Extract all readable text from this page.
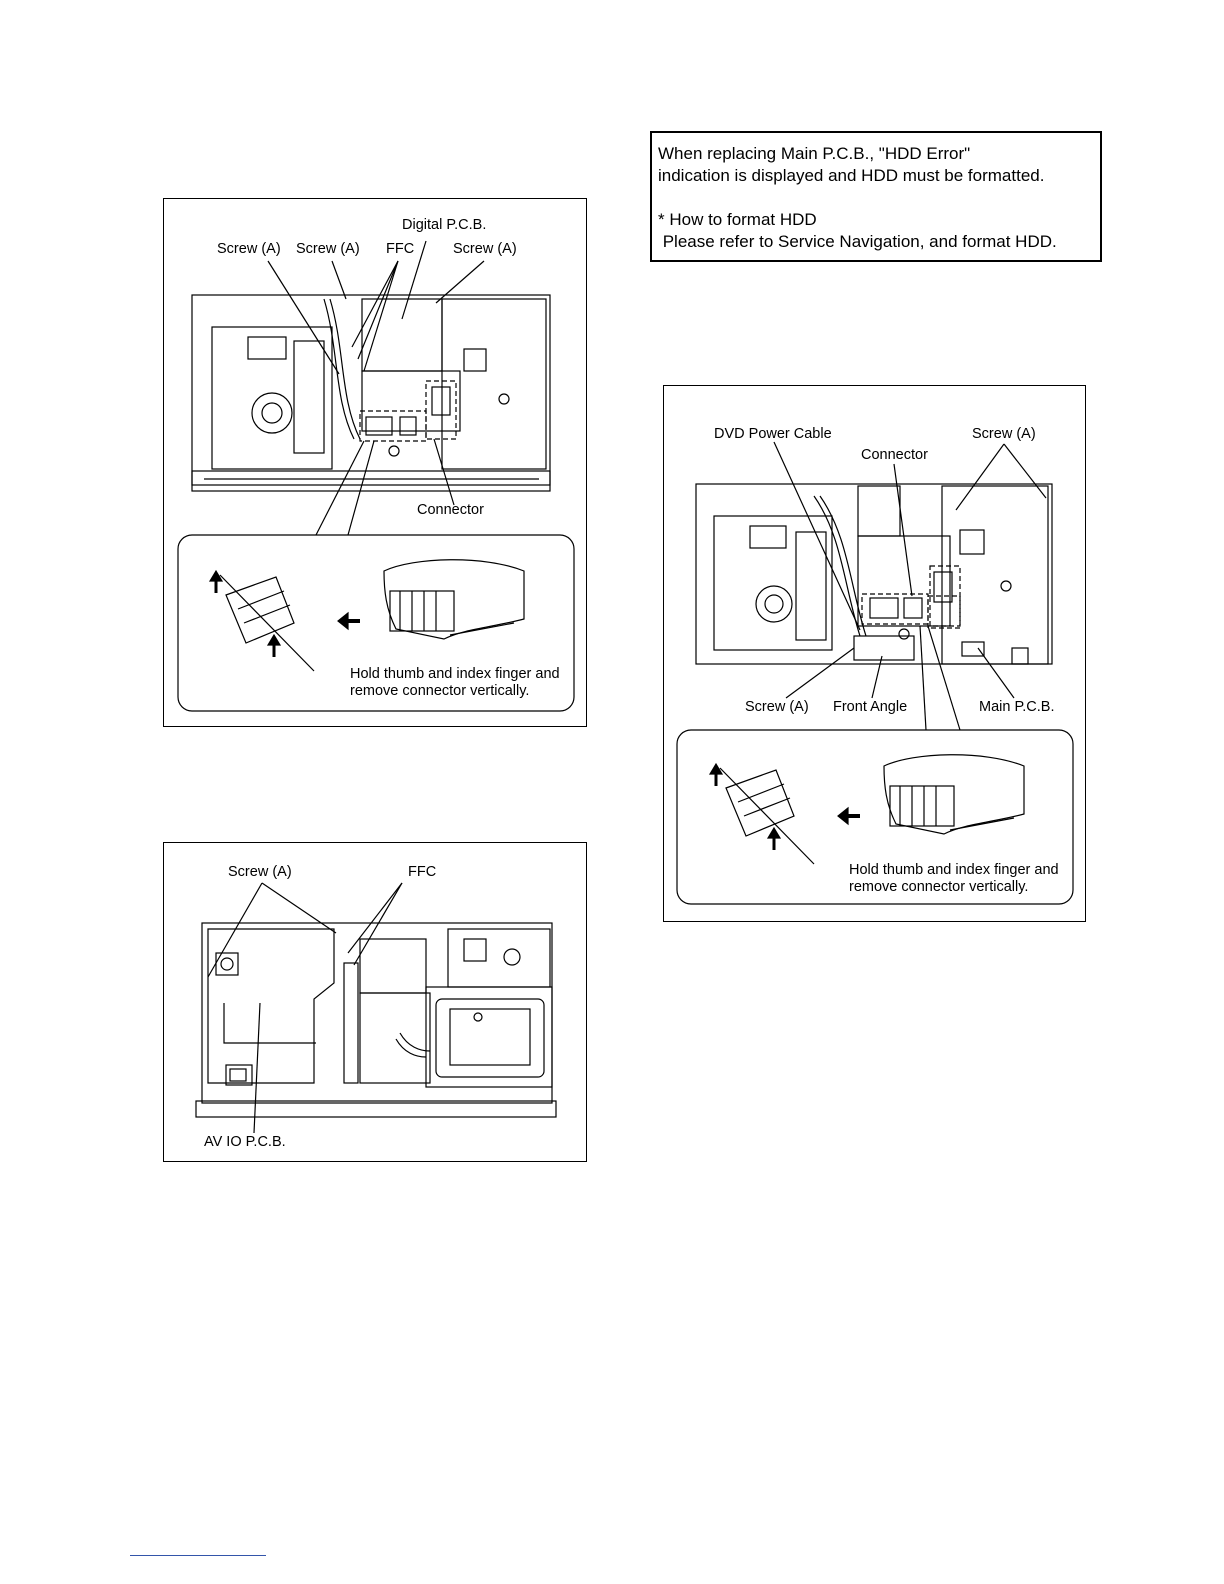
When replacing Main P.C.B., "HDD Error"
indication is displayed and HDD must be formatted.
* How to format HDD
Please refer to Service Navigation, and format HDD.
Digital P.C.B.
Screw (A) Screw (A) FFC	Screw (A)
Connector
Hold thumb and index finger and
remove connector vertically.
Screw (A)	FFC
AV IO P.C.B.
DVD Power Cable	Screw (A)
Connector
Screw (A) Front Angle	Main P.C.B.
Hold thumb and index finger and
remove connector vertically.
